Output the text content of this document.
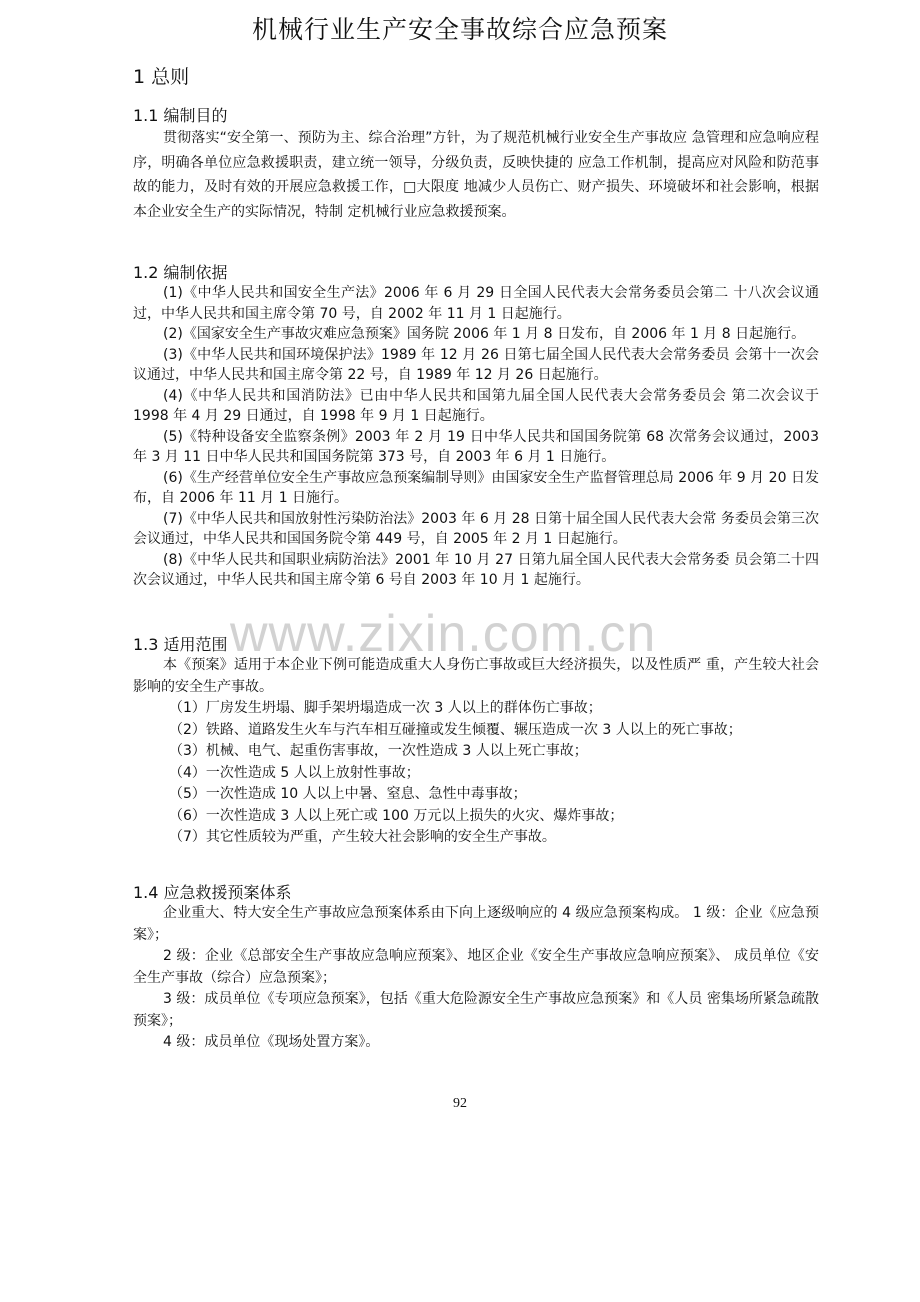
机械行业生产安全事故综合应急预案
1 总则
1.1 编制目的

贯彻落实“安全第一、预防为主、综合治理”方针，为了规范机械行业安全生产事故应 急管理和应急响应程序，明确各单位应急救援职责，建立统一领导，分级负责，反映快捷的 应急工作机制，提高应对风险和防范事故的能力，及时有效的开展应急救援工作，□大限度 地减少人员伤亡、财产损失、环境破坏和社会影响，根据本企业安全生产的实际情况，特制 定机械行业应急救援预案。

1.2 编制依据
(1)《中华人民共和国安全生产法》2006 年 6 月 29 日全国人民代表大会常务委员会第二 十八次会议通过，中华人民共和国主席令第 70 号，自 2002 年 11 月 1 日起施行。
(2)《国家安全生产事故灾难应急预案》国务院 2006 年 1 月 8 日发布，自 2006 年 1 月 8 日起施行。
(3)《中华人民共和国环境保护法》1989 年 12 月 26 日第七届全国人民代表大会常务委员 会第十一次会议通过，中华人民共和国主席令第 22 号，自 1989 年 12 月 26 日起施行。
(4)《中华人民共和国消防法》已由中华人民共和国第九届全国人民代表大会常务委员会 第二次会议于 1998 年 4 月 29 日通过，自 1998 年 9 月 1 日起施行。
(5)《特种设备安全监察条例》2003 年 2 月 19 日中华人民共和国国务院第 68 次常务会议通过，2003 年 3 月 11 日中华人民共和国国务院第 373 号，自 2003 年 6 月 1 日施行。
(6)《生产经营单位安全生产事故应急预案编制导则》由国家安全生产监督管理总局 2006 年 9 月 20 日发布，自 2006 年 11 月 1 日施行。
(7)《中华人民共和国放射性污染防治法》2003 年 6 月 28 日第十届全国人民代表大会常 务委员会第三次会议通过，中华人民共和国国务院令第 449 号，自 2005 年 2 月 1 日起施行。
(8)《中华人民共和国职业病防治法》2001 年 10 月 27 日第九届全国人民代表大会常务委 员会第二十四次会议通过，中华人民共和国主席令第 6 号自 2003 年 10 月 1 起施行。
www.zixin.com.cn
1.3 适用范围
本《预案》适用于本企业下例可能造成重大人身伤亡事故或巨大经济损失，以及性质严 重，产生较大社会影响的安全生产事故。
（1）厂房发生坍塌、脚手架坍塌造成一次 3 人以上的群体伤亡事故；
（2）铁路、道路发生火车与汽车相互碰撞或发生倾覆、辗压造成一次 3 人以上的死亡事故；
（3）机械、电气、起重伤害事故，一次性造成 3 人以上死亡事故；
（4）一次性造成 5 人以上放射性事故；
（5）一次性造成 10 人以上中暑、窒息、急性中毒事故；
（6）一次性造成 3 人以上死亡或 100 万元以上损失的火灾、爆炸事故；
（7）其它性质较为严重，产生较大社会影响的安全生产事故。
1.4 应急救援预案体系
企业重大、特大安全生产事故应急预案体系由下向上逐级响应的 4 级应急预案构成。 1 级：企业《应急预案》；
2 级：企业《总部安全生产事故应急响应预案》、地区企业《安全生产事故应急响应预案》、 成员单位《安全生产事故（综合）应急预案》；
3 级：成员单位《专项应急预案》，包括《重大危险源安全生产事故应急预案》和《人员 密集场所紧急疏散预案》；
4 级：成员单位《现场处置方案》。
92
